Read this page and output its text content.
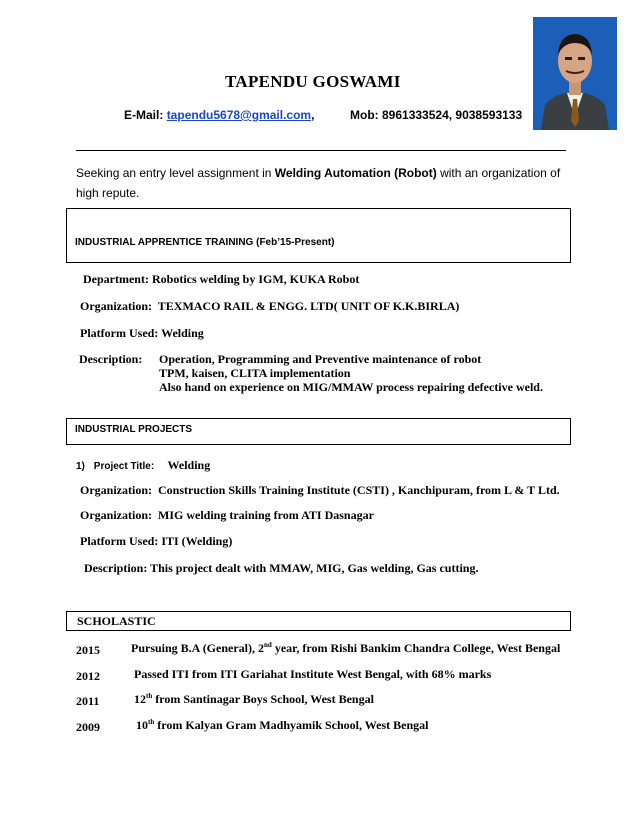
TAPENDU GOSWAMI
E-Mail: tapendu5678@gmail.com,	Mob: 8961333524, 9038593133
Seeking an entry level assignment in Welding Automation (Robot) with an organization of high repute.
INDUSTRIAL APPRENTICE TRAINING (Feb’15-Present)
Department: Robotics welding by IGM, KUKA Robot
Organization: TEXMACO RAIL & ENGG. LTD( UNIT OF K.K.BIRLA)
Platform Used: Welding
Description: Operation, Programming and Preventive maintenance of robot
TPM, kaisen, CLITA implementation
Also hand on experience on MIG/MMAW process repairing defective weld.
INDUSTRIAL PROJECTS
1) Project Title: Welding
Organization: Construction Skills Training Institute (CSTI) , Kanchipuram, from L & T Ltd.
Organization: MIG welding training from ATI Dasnagar
Platform Used: ITI (Welding)
Description: This project dealt with MMAW, MIG, Gas welding, Gas cutting.
SCHOLASTIC
2015	Pursuing B.A (General), 2nd year, from Rishi Bankim Chandra College, West Bengal
2012	Passed ITI from ITI Gariahat Institute West Bengal, with 68% marks
2011	12th from Santinagar Boys School, West Bengal
2009	10th from Kalyan Gram Madhyamik School, West Bengal
